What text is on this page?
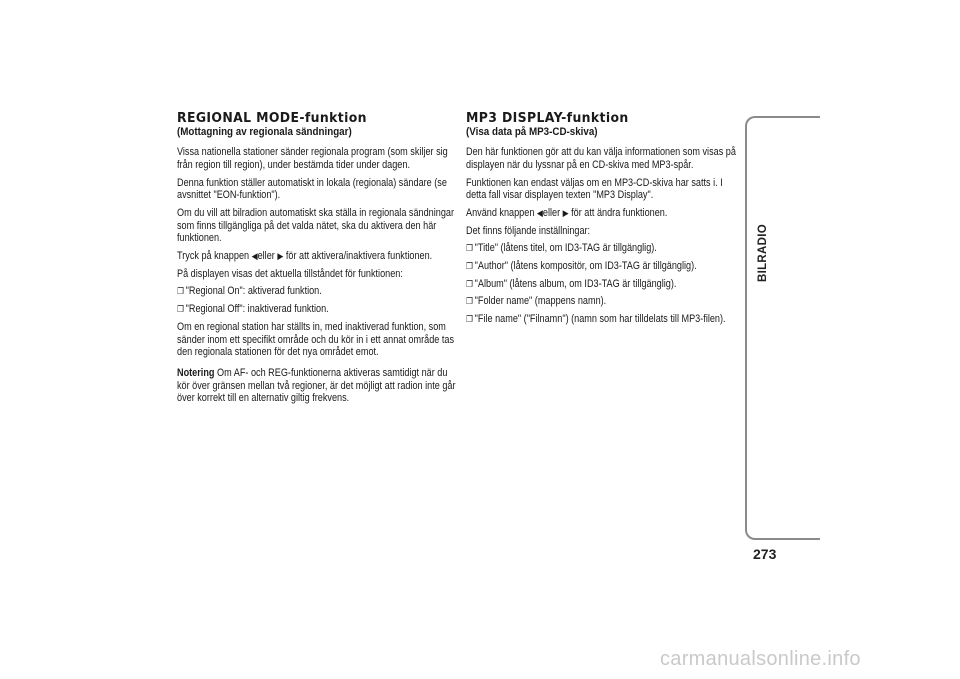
REGIONAL MODE-funktion
(Mottagning av regionala sändningar)

Vissa nationella stationer sänder regionala program (som skiljer sig från region till region), under bestämda tider under dagen.

Denna funktion ställer automatiskt in lokala (regionala) sändare (se avsnittet "EON-funktion").

Om du vill att bilradion automatiskt ska ställa in regionala sändningar som finns tillgängliga på det valda nätet, ska du aktivera den här funktionen.

Tryck på knappen ◀eller ▶ för att aktivera/inaktivera funktionen.

På displayen visas det aktuella tillståndet för funktionen:

❐ "Regional On": aktiverad funktion.

❐ "Regional Off": inaktiverad funktion.

Om en regional station har ställts in, med inaktiverad funktion, som sänder inom ett specifikt område och du kör in i ett annat område tas den regionala stationen för det nya området emot.

Notering Om AF- och REG-funktionerna aktiveras samtidigt när du kör över gränsen mellan två regioner, är det möjligt att radion inte går över korrekt till en alternativ giltig frekvens.

MP3 DISPLAY-funktion
(Visa data på MP3-CD-skiva)

Den här funktionen gör att du kan välja informationen som visas på displayen när du lyssnar på en CD-skiva med MP3-spår.

Funktionen kan endast väljas om en MP3-CD-skiva har satts i. I detta fall visar displayen texten "MP3 Display".

Använd knappen ◀eller ▶ för att ändra funktionen.

Det finns följande inställningar:

❐ "Title" (låtens titel, om ID3-TAG är tillgänglig).

❐ "Author" (låtens kompositör, om ID3-TAG är tillgänglig).

❐ "Album" (låtens album, om ID3-TAG är tillgänglig).

❐ "Folder name" (mappens namn).

❐ "File name" ("Filnamn") (namn som har tilldelats till MP3-filen).

BILRADIO
273
carmanualsonline.info
